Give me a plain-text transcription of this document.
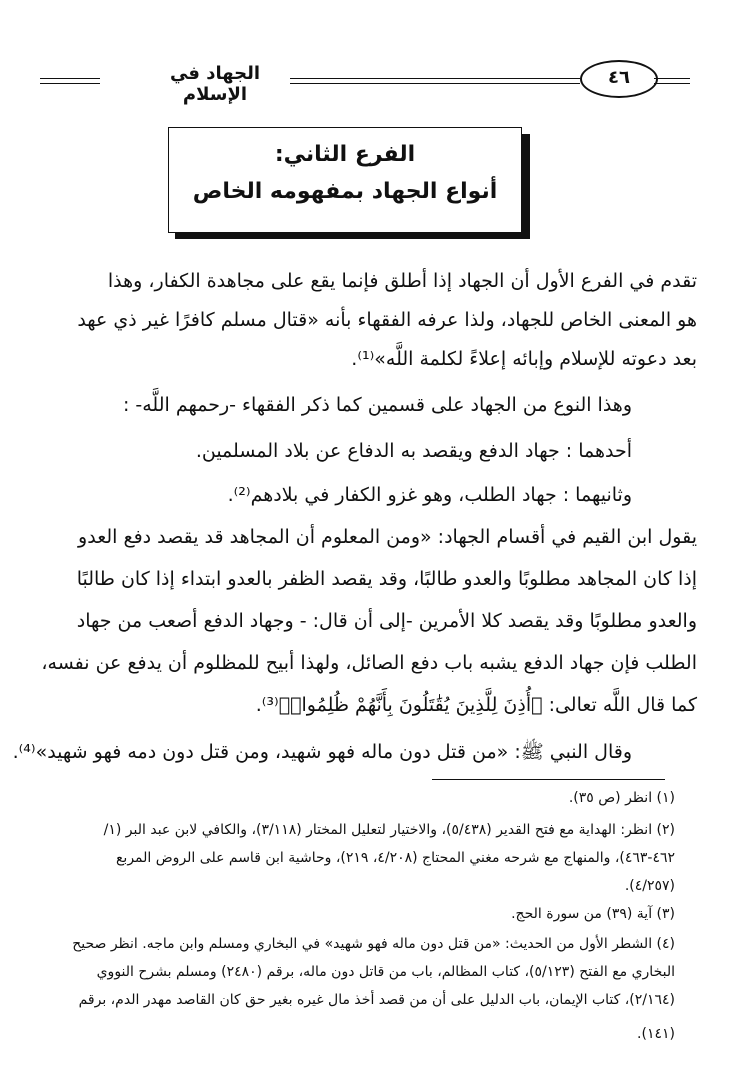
الجهاد في الإسلام
٤٦
الفرع الثاني:
أنواع الجهاد بمفهومه الخاص
تقدم في الفرع الأول أن الجهاد إذا أطلق فإنما يقع على مجاهدة الكفار، وهذا
هو المعنى الخاص للجهاد، ولذا عرفه الفقهاء بأنه «قتال مسلم كافرًا غير ذي عهد
بعد دعوته للإسلام وإبائه إعلاءً لكلمة اللَّه»⁽¹⁾.
وهذا النوع من الجهاد على قسمين كما ذكر الفقهاء -رحمهم اللَّه- :
أحدهما : جهاد الدفع ويقصد به الدفاع عن بلاد المسلمين.
وثانيهما : جهاد الطلب، وهو غزو الكفار في بلادهم⁽²⁾.
يقول ابن القيم في أقسام الجهاد: «ومن المعلوم أن المجاهد قد يقصد دفع العدو
إذا كان المجاهد مطلوبًا والعدو طالبًا، وقد يقصد الظفر بالعدو ابتداء إذا كان طالبًا
والعدو مطلوبًا وقد يقصد كلا الأمرين -إلى أن قال: - وجهاد الدفع أصعب من جهاد
الطلب فإن جهاد الدفع يشبه باب دفع الصائل، ولهذا أبيح للمظلوم أن يدفع عن نفسه،
كما قال اللَّه تعالى: ﴿أُذِنَ لِلَّذِينَ يُقَٰتَلُونَ بِأَنَّهُمْ ظُلِمُوا۟﴾⁽³⁾.
وقال النبي ﷺ: «من قتل دون ماله فهو شهيد، ومن قتل دون دمه فهو شهيد»⁽⁴⁾.
(١) انظر (ص ٣٥).
(٢) انظر: الهداية مع فتح القدير (٥/٤٣٨)، والاختيار لتعليل المختار (٣/١١٨)، والكافي لابن عبد البر (١/
٤٦٢-٤٦٣)، والمنهاج مع شرحه مغني المحتاج (٤/٢٠٨، ٢١٩)، وحاشية ابن قاسم على الروض المربع
(٤/٢٥٧).
(٣) آية (٣٩) من سورة الحج.
(٤) الشطر الأول من الحديث: «من قتل دون ماله فهو شهيد» في البخاري ومسلم وابن ماجه. انظر صحيح
البخاري مع الفتح (٥/١٢٣)، كتاب المظالم، باب من قاتل دون ماله، برقم (٢٤٨٠) ومسلم بشرح النووي
(٢/١٦٤)، كتاب الإيمان، باب الدليل على أن من قصد أخذ مال غيره بغير حق كان القاصد مهدر الدم، برقم
(١٤١).
